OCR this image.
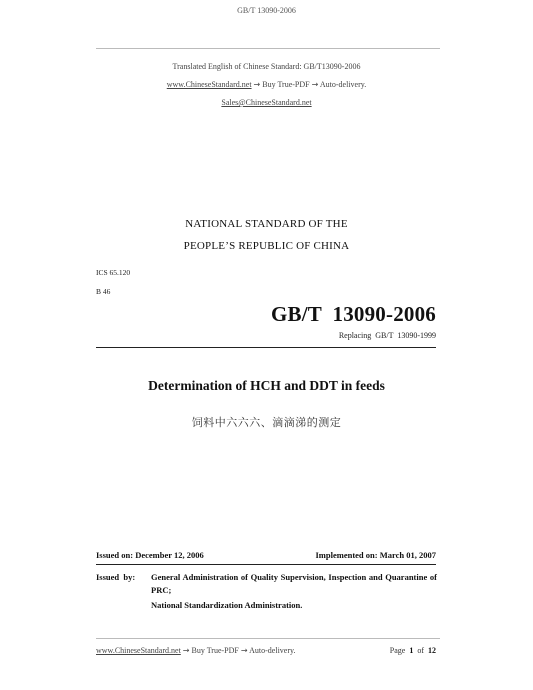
GB/T 13090-2006
Translated English of Chinese Standard: GB/T13090-2006
www.ChineseStandard.net → Buy True-PDF → Auto-delivery.
Sales@ChineseStandard.net
NATIONAL STANDARD OF THE
PEOPLE’S REPUBLIC OF CHINA
ICS 65.120
B 46
GB/T  13090-2006
Replacing  GB/T  13090-1999
Determination of HCH and DDT in feeds
饲料中六六六、滴滴涕的测定
Issued on: December 12, 2006	Implemented on: March 01, 2007
Issued  by: General Administration of Quality Supervision, Inspection and Quarantine of PRC;
National Standardization Administration.
www.ChineseStandard.net → Buy True-PDF → Auto-delivery.	Page 1 of 12
